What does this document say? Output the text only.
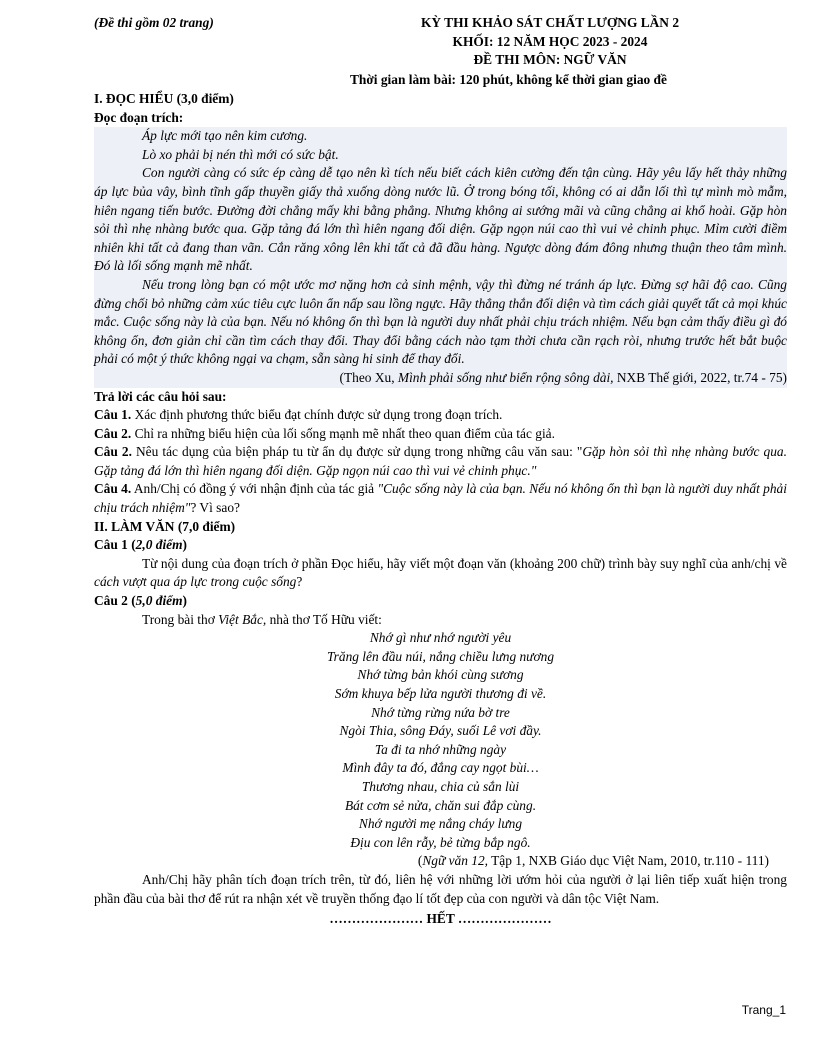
(Đề thi gồm 02 trang)	KỲ THI KHẢO SÁT CHẤT LƯỢNG LẦN 2
KHỐI: 12 NĂM HỌC 2023 - 2024
ĐỀ THI MÔN: NGỮ VĂN
Thời gian làm bài: 120 phút, không kể thời gian giao đề

I. ĐỌC HIỂU (3,0 điểm)

Đọc đoạn trích:

Áp lực mới tạo nên kim cương.

Lò xo phải bị nén thì mới có sức bật.

Con người càng có sức ép càng dễ tạo nên kì tích nếu biết cách kiên cường đến tận cùng. Hãy yêu lấy hết thảy những áp lực bủa vây, bình tĩnh gấp thuyền giấy thả xuống dòng nước lũ. Ở trong bóng tối, không có ai dẫn lối thì tự mình mò mẫm, hiên ngang tiến bước. Đường đời chẳng mấy khi bằng phẳng. Nhưng không ai sướng mãi và cũng chẳng ai khổ hoài. Gặp hòn sỏi thì nhẹ nhàng bước qua. Gặp tảng đá lớn thì hiên ngang đối diện. Gặp ngọn núi cao thì vui vẻ chinh phục. Mỉm cười điềm nhiên khi tất cả đang than vãn. Cắn răng xông lên khi tất cả đã đầu hàng. Ngược dòng đám đông nhưng thuận theo tâm mình. Đó là lối sống mạnh mẽ nhất.

Nếu trong lòng bạn có một ước mơ nặng hơn cả sinh mệnh, vậy thì đừng né tránh áp lực. Đừng sợ hãi độ cao. Cũng đừng chối bỏ những cảm xúc tiêu cực luôn ẩn nấp sau lồng ngực. Hãy thẳng thắn đối diện và tìm cách giải quyết tất cả mọi khúc mắc. Cuộc sống này là của bạn. Nếu nó không ổn thì bạn là người duy nhất phải chịu trách nhiệm. Nếu bạn cảm thấy điều gì đó không ổn, đơn giản chỉ cần tìm cách thay đổi. Thay đổi bằng cách nào tạm thời chưa cần rạch ròi, nhưng trước hết bắt buộc phải có một ý thức không ngại va chạm, sẵn sàng hi sinh để thay đổi.

(Theo Xu, Mình phải sống như biển rộng sông dài, NXB Thế giới, 2022, tr.74 - 75)

Trả lời các câu hỏi sau:

Câu 1. Xác định phương thức biểu đạt chính được sử dụng trong đoạn trích.

Câu 2. Chỉ ra những biểu hiện của lối sống mạnh mẽ nhất theo quan điểm của tác giả.

Câu 2. Nêu tác dụng của biện pháp tu từ ẩn dụ được sử dụng trong những câu văn sau: "Gặp hòn sỏi thì nhẹ nhàng bước qua. Gặp tảng đá lớn thì hiên ngang đối diện. Gặp ngọn núi cao thì vui vẻ chinh phục."

Câu 4. Anh/Chị có đồng ý với nhận định của tác giả "Cuộc sống này là của bạn. Nếu nó không ổn thì bạn là người duy nhất phải chịu trách nhiệm"? Vì sao?

II. LÀM VĂN (7,0 điểm)

Câu 1 (2,0 điểm)

Từ nội dung của đoạn trích ở phần Đọc hiểu, hãy viết một đoạn văn (khoảng 200 chữ) trình bày suy nghĩ của anh/chị về cách vượt qua áp lực trong cuộc sống?

Câu 2 (5,0 điểm)

Trong bài thơ Việt Bắc, nhà thơ Tố Hữu viết:

Nhớ gì như nhớ người yêu

Trăng lên đầu núi, nắng chiều lưng nương

Nhớ từng bản khói cùng sương

Sớm khuya bếp lửa người thương đi về.

Nhớ từng rừng nứa bờ tre

Ngòi Thia, sông Đáy, suối Lê vơi đầy.

Ta đi ta nhớ những ngày

Mình đây ta đó, đắng cay ngọt bùi…

Thương nhau, chia củ sắn lùi

Bát cơm sẻ nửa, chăn sui đắp cùng.

Nhớ người mẹ nắng cháy lưng

Địu con lên rẫy, bẻ từng bắp ngô.

(Ngữ văn 12, Tập 1, NXB Giáo dục Việt Nam, 2010, tr.110 - 111)

Anh/Chị hãy phân tích đoạn trích trên, từ đó, liên hệ với những lời ướm hỏi của người ở lại liên tiếp xuất hiện trong phần đầu của bài thơ để rút ra nhận xét về truyền thống đạo lí tốt đẹp của con người và dân tộc Việt Nam.

………………… HẾT …………………

Trang_1
